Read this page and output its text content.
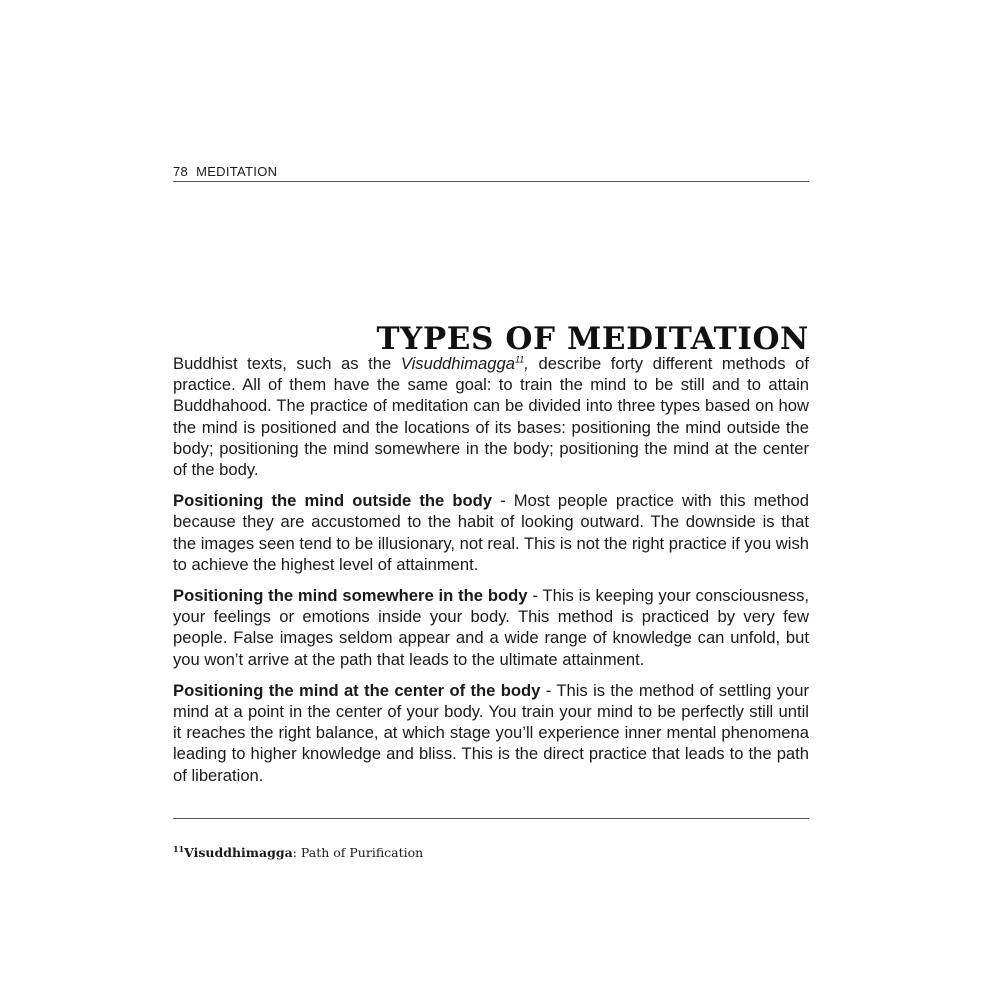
78 MEDITATION
TYPES OF MEDITATION

Buddhist texts, such as the Visuddhimagga$^{11}$, describe forty different methods of practice. All of them have the same goal: to train the mind to be still and to attain Buddhahood. The practice of meditation can be divided into three types based on how the mind is positioned and the locations of its bases: positioning the mind outside the body; positioning the mind somewhere in the body; positioning the mind at the center of the body.

Positioning the mind outside the body - Most people practice with this method because they are accustomed to the habit of looking outward. The downside is that the images seen tend to be illusionary, not real. This is not the right practice if you wish to achieve the highest level of attainment.

Positioning the mind somewhere in the body - This is keeping your consciousness, your feelings or emotions inside your body. This method is practiced by very few people. False images seldom appear and a wide range of knowledge can unfold, but you won’t arrive at the path that leads to the ultimate attainment.

Positioning the mind at the center of the body - This is the method of settling your mind at a point in the center of your body. You train your mind to be perfectly still until it reaches the right balance, at which stage you’ll experience inner mental phenomena leading to higher knowledge and bliss. This is the direct practice that leads to the path of liberation.

$^{11}$Visuddhimagga: Path of Purification
